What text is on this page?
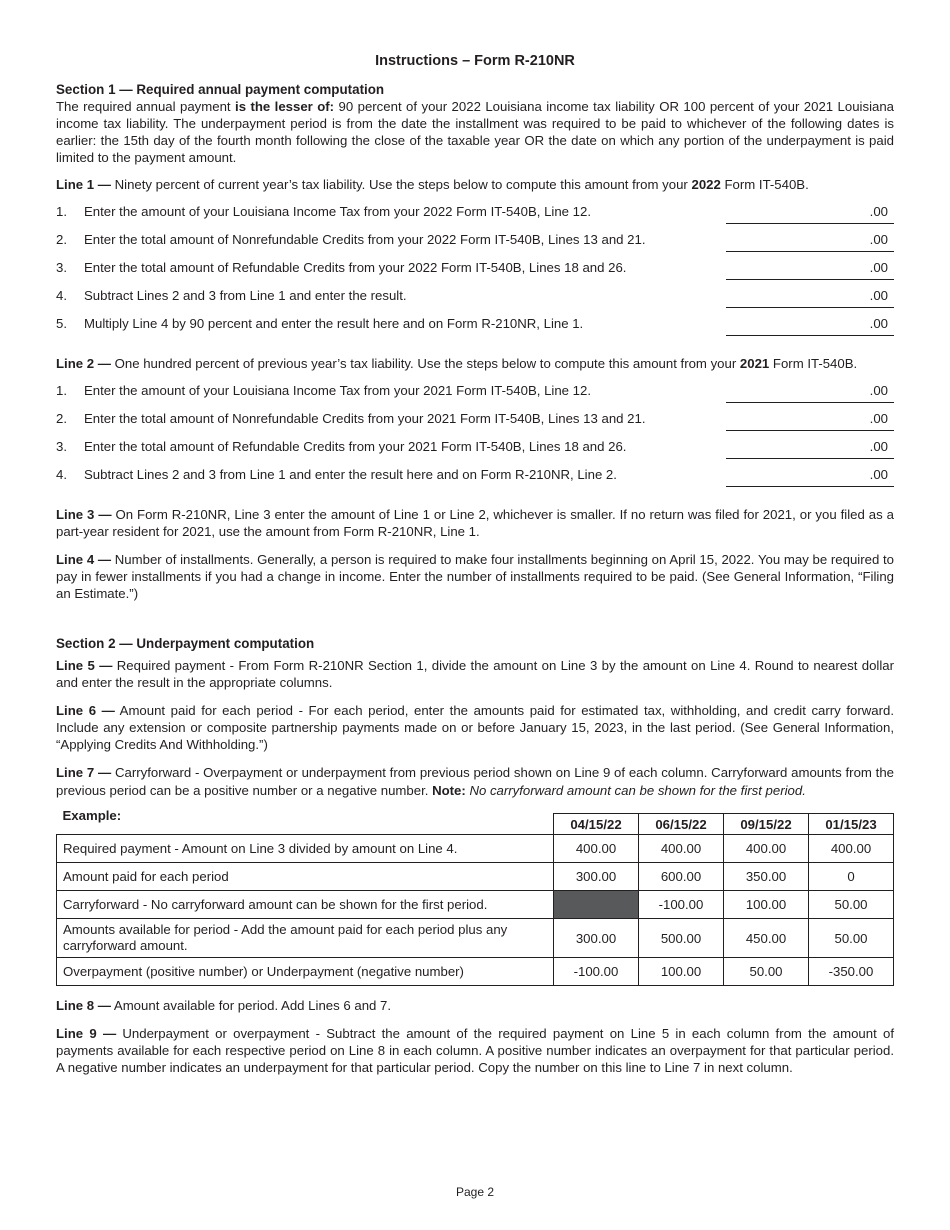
Instructions – Form R-210NR
Section 1 — Required annual payment computation
The required annual payment is the lesser of: 90 percent of your 2022 Louisiana income tax liability OR 100 percent of your 2021 Louisiana income tax liability. The underpayment period is from the date the installment was required to be paid to whichever of the following dates is earlier: the 15th day of the fourth month following the close of the taxable year OR the date on which any portion of the underpayment is paid limited to the payment amount.
Line 1 — Ninety percent of current year’s tax liability. Use the steps below to compute this amount from your 2022 Form IT-540B.
1. Enter the amount of your Louisiana Income Tax from your 2022 Form IT-540B, Line 12.	.00
2. Enter the total amount of Nonrefundable Credits from your 2022 Form IT-540B, Lines 13 and 21.	.00
3. Enter the total amount of Refundable Credits from your 2022 Form IT-540B, Lines 18 and 26.	.00
4. Subtract Lines 2 and 3 from Line 1 and enter the result.	.00
5. Multiply Line 4 by 90 percent and enter the result here and on Form R-210NR, Line 1.	.00
Line 2 — One hundred percent of previous year’s tax liability. Use the steps below to compute this amount from your 2021 Form IT-540B.
1. Enter the amount of your Louisiana Income Tax from your 2021 Form IT-540B, Line 12.	.00
2. Enter the total amount of Nonrefundable Credits from your 2021 Form IT-540B, Lines 13 and 21.	.00
3. Enter the total amount of Refundable Credits from your 2021 Form IT-540B, Lines 18 and 26.	.00
4. Subtract Lines 2 and 3 from Line 1 and enter the result here and on Form R-210NR, Line 2.	.00
Line 3 — On Form R-210NR, Line 3 enter the amount of Line 1 or Line 2, whichever is smaller. If no return was filed for 2021, or you filed as a part-year resident for 2021, use the amount from Form R-210NR, Line 1.
Line 4 — Number of installments. Generally, a person is required to make four installments beginning on April 15, 2022. You may be required to pay in fewer installments if you had a change in income. Enter the number of installments required to be paid. (See General Information, “Filing an Estimate.”)
Section 2 — Underpayment computation
Line 5 — Required payment - From Form R-210NR Section 1, divide the amount on Line 3 by the amount on Line 4. Round to nearest dollar and enter the result in the appropriate columns.
Line 6 — Amount paid for each period - For each period, enter the amounts paid for estimated tax, withholding, and credit carry forward. Include any extension or composite partnership payments made on or before January 15, 2023, in the last period. (See General Information, “Applying Credits And Withholding.”)
Line 7 — Carryforward - Overpayment or underpayment from previous period shown on Line 9 of each column. Carryforward amounts from the previous period can be a positive number or a negative number. Note: No carryforward amount can be shown for the first period.
Example:	04/15/22	06/15/22	09/15/22	01/15/23
Required payment - Amount on Line 3 divided by amount on Line 4.	400.00	400.00	400.00	400.00
Amount paid for each period	300.00	600.00	350.00	0
Carryforward - No carryforward amount can be shown for the first period.		-100.00	100.00	50.00
Amounts available for period - Add the amount paid for each period plus any carryforward amount.	300.00	500.00	450.00	50.00
Overpayment (positive number) or Underpayment (negative number)	-100.00	100.00	50.00	-350.00
Line 8 — Amount available for period. Add Lines 6 and 7.
Line 9 — Underpayment or overpayment - Subtract the amount of the required payment on Line 5 in each column from the amount of payments available for each respective period on Line 8 in each column. A positive number indicates an overpayment for that particular period. A negative number indicates an underpayment for that particular period. Copy the number on this line to Line 7 in next column.
Page 2
